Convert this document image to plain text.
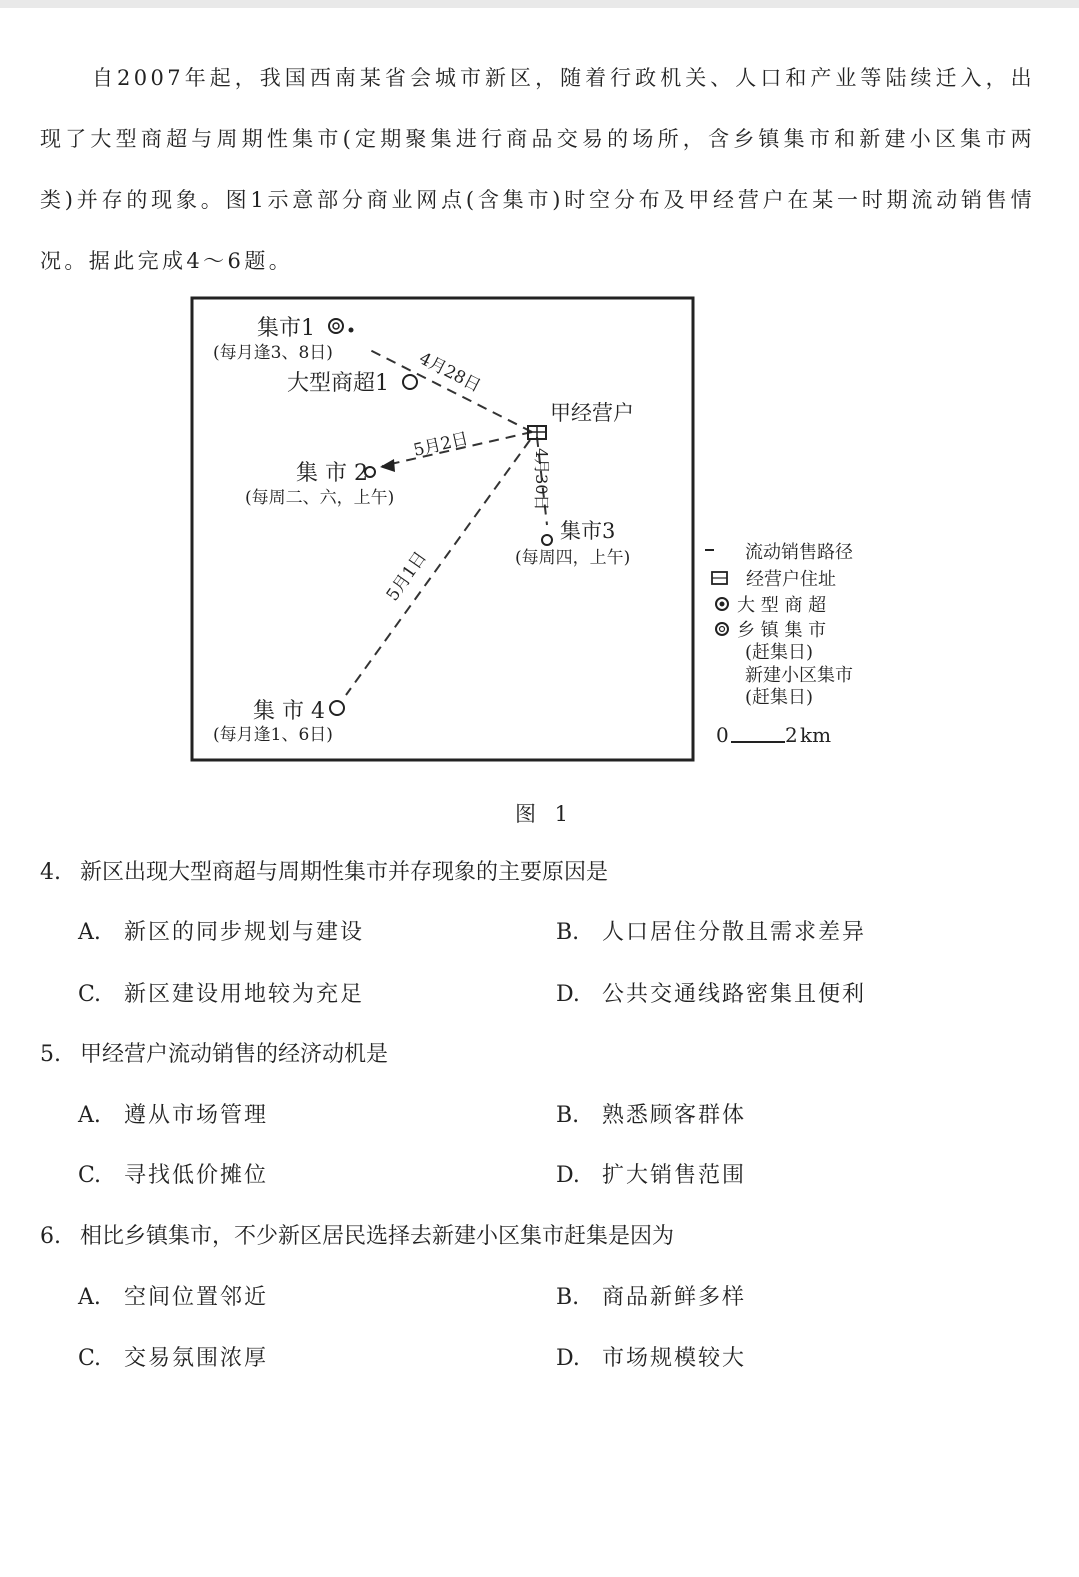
自2007年起，我国西南某省会城市新区，随着行政机关、人口和产业等陆续迁入，出现了大型商超与周期性集市(定期聚集进行商品交易的场所，含乡镇集市和新建小区集市两类)并存的现象。图1示意部分商业网点(含集市)时空分布及甲经营户在某一时期流动销售情况。据此完成4～6题。

集市1
(每月逢3、8日)
大型商超1
甲经营户
集 市 2
(每周二、六，上午)
集市3
(每周四，上午)
集 市 4
(每月逢1、6日)
4月28日
5月2日
4月30日
5月1日	流动销售路径
经营户住址
大 型 商 超
乡 镇 集 市
(赶集日)
新建小区集市
(赶集日)
0	2 km
图 1
4. 新区出现大型商超与周期性集市并存现象的主要原因是
A. 新区的同步规划与建设	B. 人口居住分散且需求差异
C. 新区建设用地较为充足	D. 公共交通线路密集且便利
5. 甲经营户流动销售的经济动机是
A. 遵从市场管理	B. 熟悉顾客群体
C. 寻找低价摊位	D. 扩大销售范围
6. 相比乡镇集市，不少新区居民选择去新建小区集市赶集是因为
A. 空间位置邻近	B. 商品新鲜多样
C. 交易氛围浓厚	D. 市场规模较大
